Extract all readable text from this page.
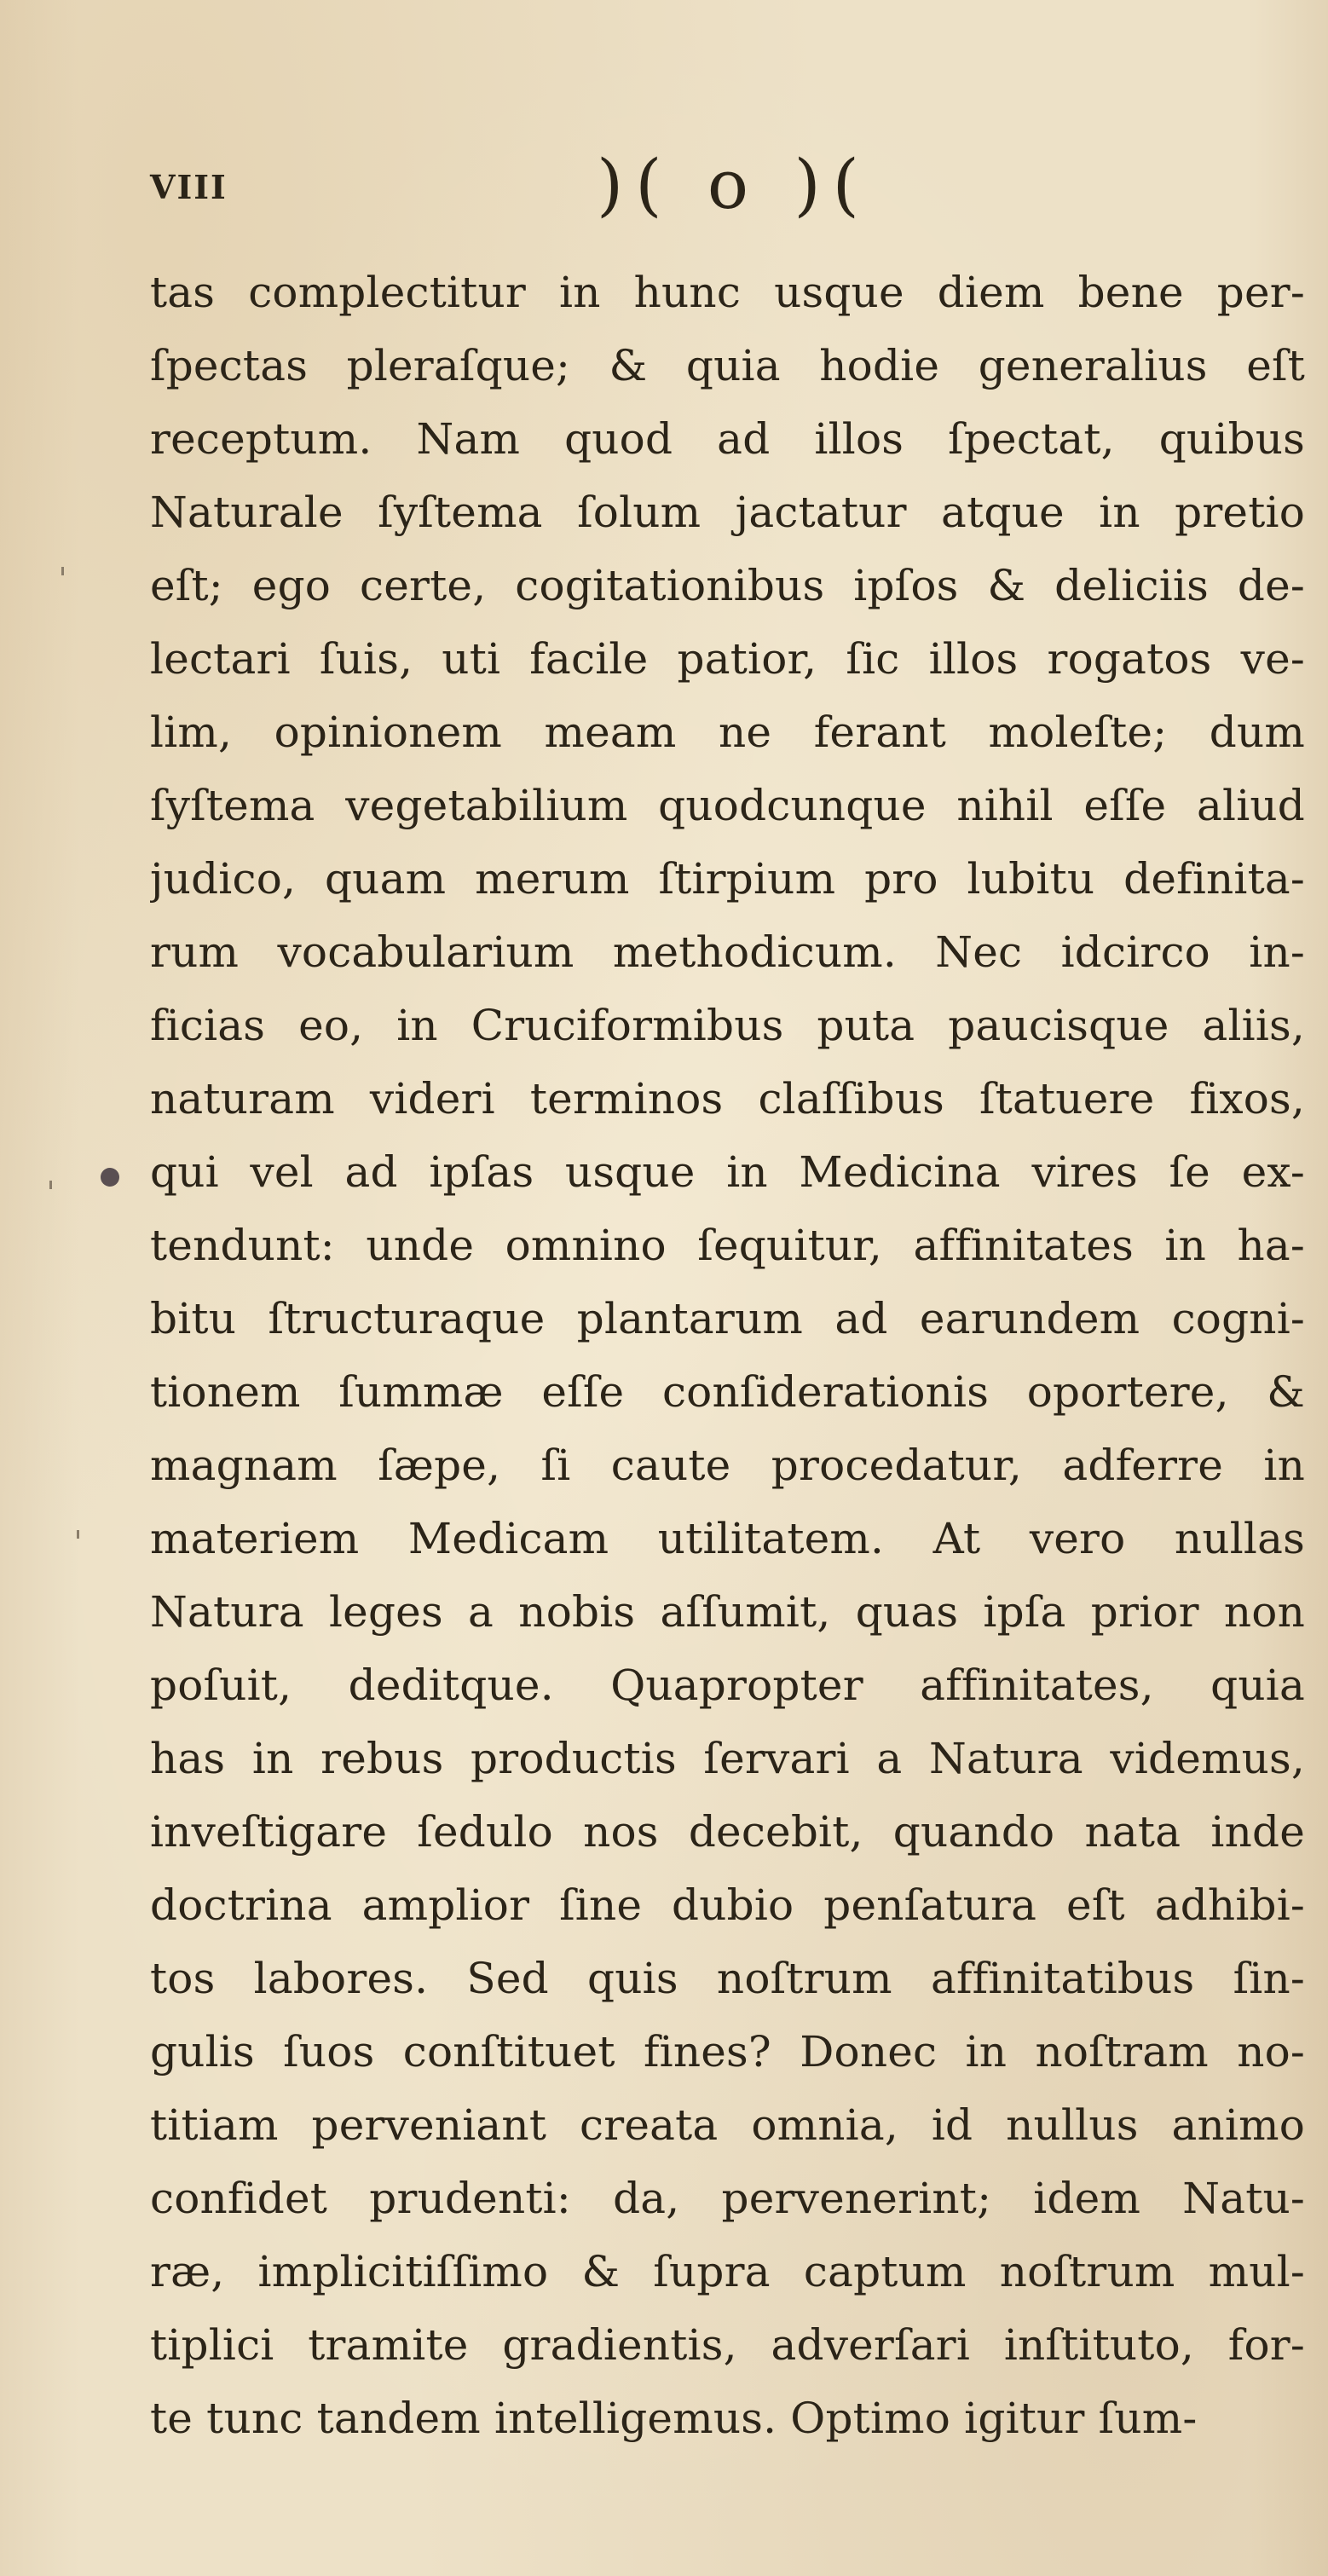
VIII	)( o )(
tas complectitur in hunc usque diem bene per-
ſpectas pleraſque; & quia hodie generalius eſt
receptum. Nam quod ad illos ſpectat, quibus
Naturale ſyſtema ſolum jactatur atque in pretio
eſt; ego certe, cogitationibus ipſos & deliciis de-
lectari ſuis, uti facile patior, ſic illos rogatos ve-
lim, opinionem meam ne ferant moleſte; dum
ſyſtema vegetabilium quodcunque nihil eſſe aliud
judico, quam merum ſtirpium pro lubitu definita-
rum vocabularium methodicum. Nec idcirco in-
ficias eo, in Cruciformibus puta paucisque aliis,
naturam videri terminos claſſibus ſtatuere fixos,
qui vel ad ipſas usque in Medicina vires ſe ex-
tendunt: unde omnino ſequitur, affinitates in ha-
bitu ſtructuraque plantarum ad earundem cogni-
tionem ſummæ eſſe conſiderationis oportere, &
magnam ſæpe, ſi caute procedatur, adferre in
materiem Medicam utilitatem. At vero nullas
Natura leges a nobis aſſumit, quas ipſa prior non
poſuit, deditque. Quapropter affinitates, quia
has in rebus productis ſervari a Natura videmus,
inveſtigare ſedulo nos decebit, quando nata inde
doctrina amplior ſine dubio penſatura eſt adhibi-
tos labores. Sed quis noſtrum affinitatibus ſin-
gulis ſuos conſtituet fines? Donec in noſtram no-
titiam perveniant creata omnia, id nullus animo
confidet prudenti: da, pervenerint; idem Natu-
ræ, implicitiſſimo & ſupra captum noſtrum mul-
tiplici tramite gradientis, adverſari inſtituto, for-
te tunc tandem intelligemus. Optimo igitur ſum-
